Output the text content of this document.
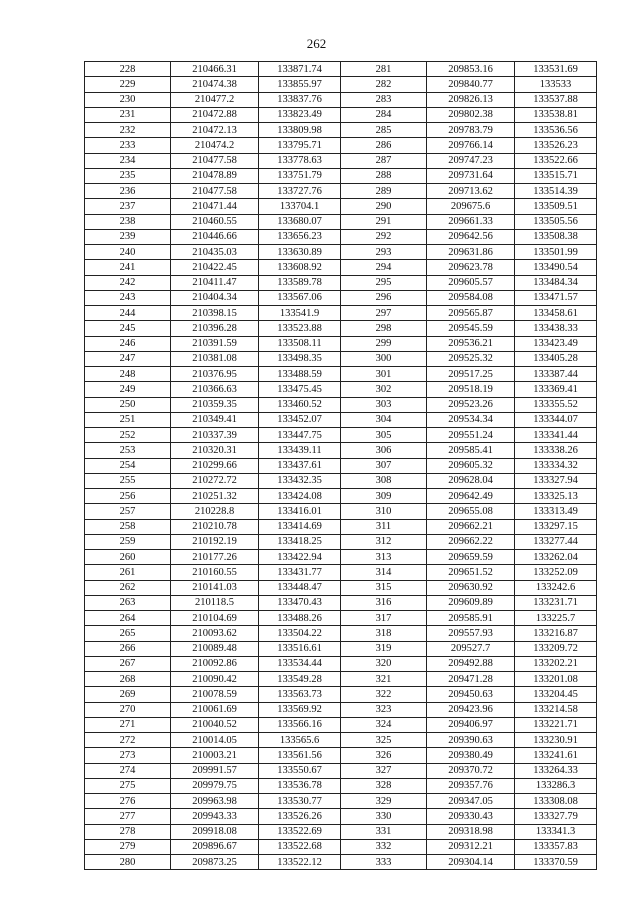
262
228	210466.31	133871.74	281	209853.16	133531.69
229	210474.38	133855.97	282	209840.77	133533
230	210477.2	133837.76	283	209826.13	133537.88
231	210472.88	133823.49	284	209802.38	133538.81
232	210472.13	133809.98	285	209783.79	133536.56
233	210474.2	133795.71	286	209766.14	133526.23
234	210477.58	133778.63	287	209747.23	133522.66
235	210478.89	133751.79	288	209731.64	133515.71
236	210477.58	133727.76	289	209713.62	133514.39
237	210471.44	133704.1	290	209675.6	133509.51
238	210460.55	133680.07	291	209661.33	133505.56
239	210446.66	133656.23	292	209642.56	133508.38
240	210435.03	133630.89	293	209631.86	133501.99
241	210422.45	133608.92	294	209623.78	133490.54
242	210411.47	133589.78	295	209605.57	133484.34
243	210404.34	133567.06	296	209584.08	133471.57
244	210398.15	133541.9	297	209565.87	133458.61
245	210396.28	133523.88	298	209545.59	133438.33
246	210391.59	133508.11	299	209536.21	133423.49
247	210381.08	133498.35	300	209525.32	133405.28
248	210376.95	133488.59	301	209517.25	133387.44
249	210366.63	133475.45	302	209518.19	133369.41
250	210359.35	133460.52	303	209523.26	133355.52
251	210349.41	133452.07	304	209534.34	133344.07
252	210337.39	133447.75	305	209551.24	133341.44
253	210320.31	133439.11	306	209585.41	133338.26
254	210299.66	133437.61	307	209605.32	133334.32
255	210272.72	133432.35	308	209628.04	133327.94
256	210251.32	133424.08	309	209642.49	133325.13
257	210228.8	133416.01	310	209655.08	133313.49
258	210210.78	133414.69	311	209662.21	133297.15
259	210192.19	133418.25	312	209662.22	133277.44
260	210177.26	133422.94	313	209659.59	133262.04
261	210160.55	133431.77	314	209651.52	133252.09
262	210141.03	133448.47	315	209630.92	133242.6
263	210118.5	133470.43	316	209609.89	133231.71
264	210104.69	133488.26	317	209585.91	133225.7
265	210093.62	133504.22	318	209557.93	133216.87
266	210089.48	133516.61	319	209527.7	133209.72
267	210092.86	133534.44	320	209492.88	133202.21
268	210090.42	133549.28	321	209471.28	133201.08
269	210078.59	133563.73	322	209450.63	133204.45
270	210061.69	133569.92	323	209423.96	133214.58
271	210040.52	133566.16	324	209406.97	133221.71
272	210014.05	133565.6	325	209390.63	133230.91
273	210003.21	133561.56	326	209380.49	133241.61
274	209991.57	133550.67	327	209370.72	133264.33
275	209979.75	133536.78	328	209357.76	133286.3
276	209963.98	133530.77	329	209347.05	133308.08
277	209943.33	133526.26	330	209330.43	133327.79
278	209918.08	133522.69	331	209318.98	133341.3
279	209896.67	133522.68	332	209312.21	133357.83
280	209873.25	133522.12	333	209304.14	133370.59
